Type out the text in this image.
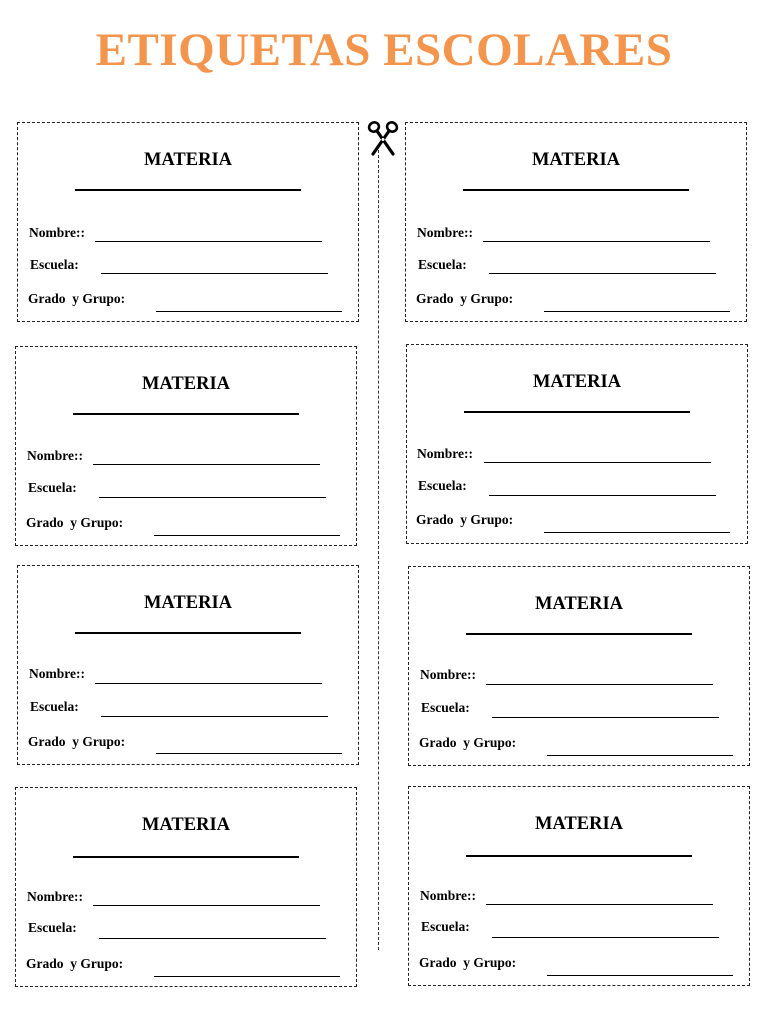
ETIQUETAS ESCOLARES
MATERIA
Nombre::
Escuela:
Grado  y Grupo:
MATERIA
Nombre::
Escuela:
Grado  y Grupo:
MATERIA
Nombre::
Escuela:
Grado  y Grupo:
MATERIA
Nombre::
Escuela:
Grado  y Grupo:
MATERIA
Nombre::
Escuela:
Grado  y Grupo:
MATERIA
Nombre::
Escuela:
Grado  y Grupo:
MATERIA
Nombre::
Escuela:
Grado  y Grupo:
MATERIA
Nombre::
Escuela:
Grado  y Grupo:
